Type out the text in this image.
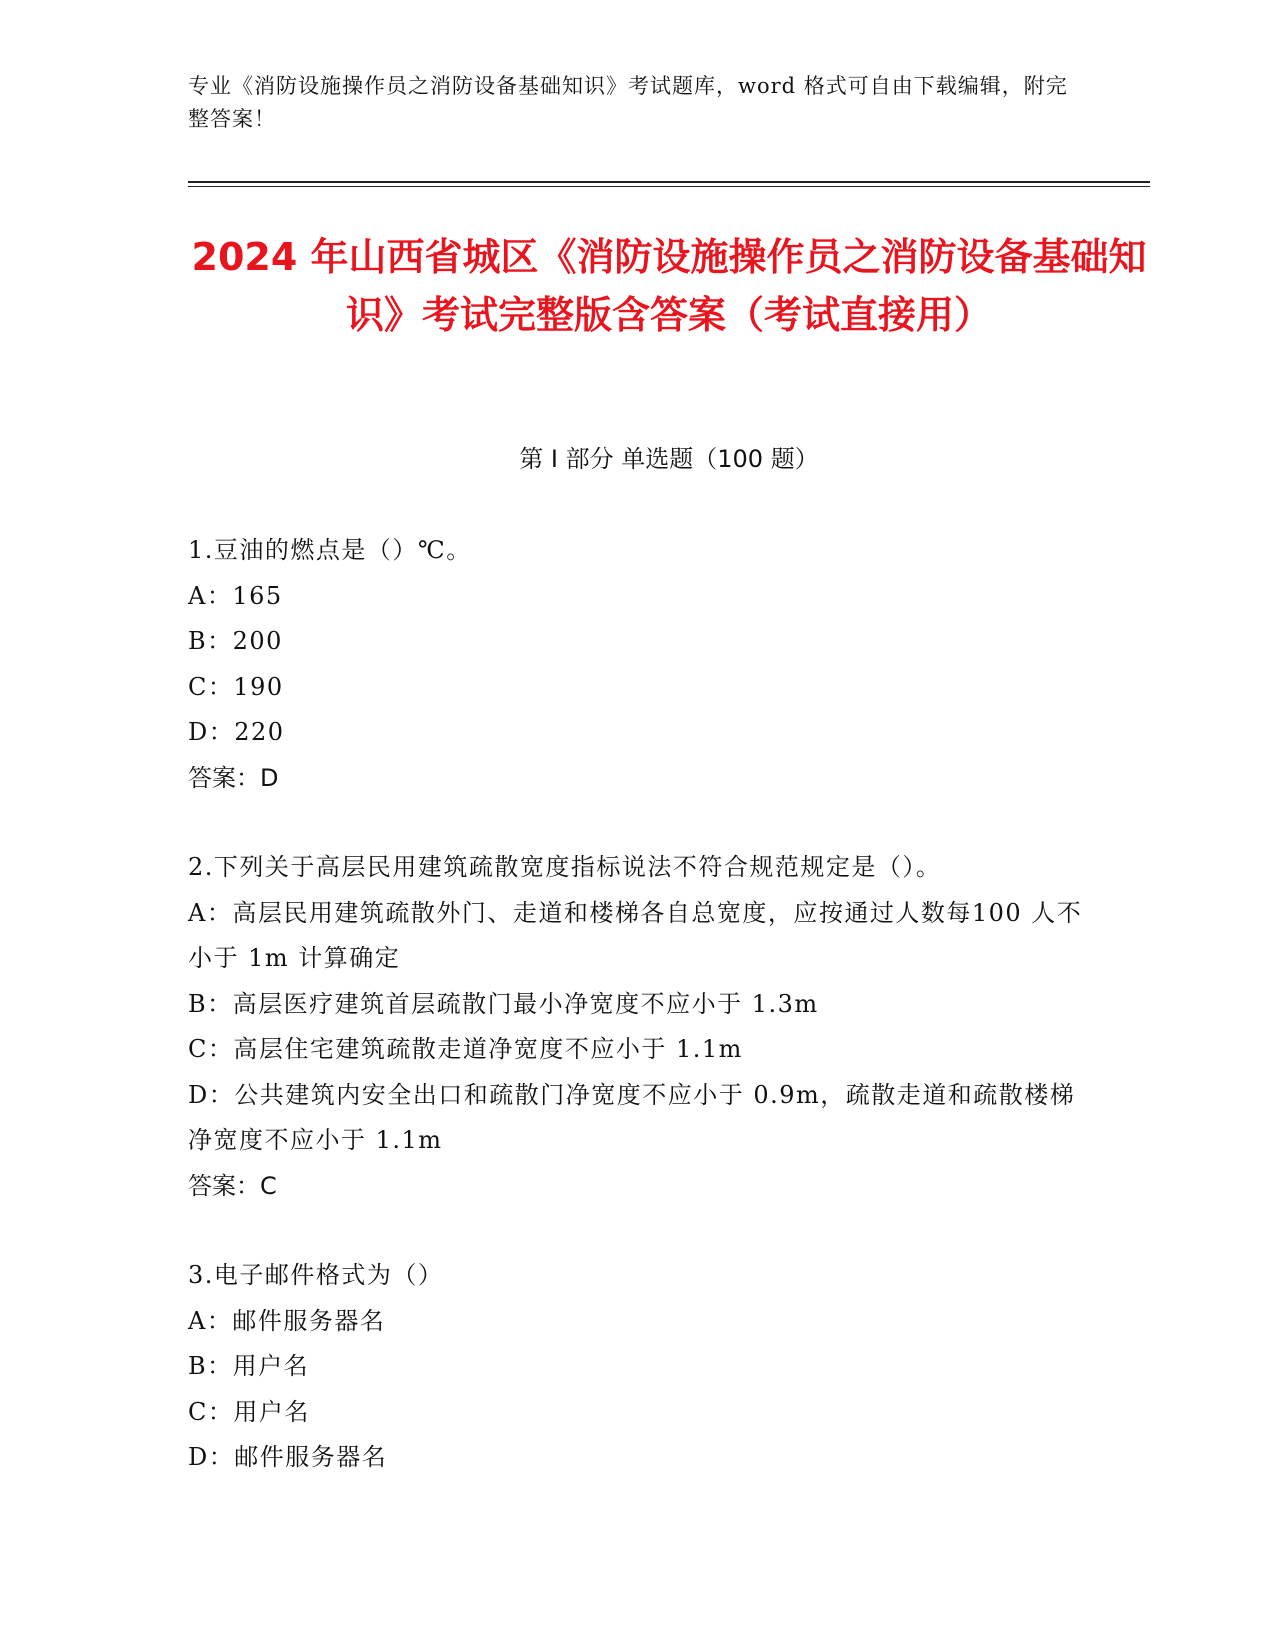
专业《消防设施操作员之消防设备基础知识》考试题库，word 格式可自由下载编辑，附完整答案！
2024 年山西省城区《消防设施操作员之消防设备基础知识》考试完整版含答案（考试直接用）
第 I 部分 单选题（100 题）

1.豆油的燃点是（）℃。

A：165

B：200

C：190

D：220

答案：D

2.下列关于高层民用建筑疏散宽度指标说法不符合规范规定是（）。

A：高层民用建筑疏散外门、走道和楼梯各自总宽度，应按通过人数每100 人不小于 1m 计算确定

B：高层医疗建筑首层疏散门最小净宽度不应小于 1.3m

C：高层住宅建筑疏散走道净宽度不应小于 1.1m

D：公共建筑内安全出口和疏散门净宽度不应小于 0.9m，疏散走道和疏散楼梯净宽度不应小于 1.1m

答案：C

3.电子邮件格式为（）

A：邮件服务器名

B：用户名

C：用户名

D：邮件服务器名
